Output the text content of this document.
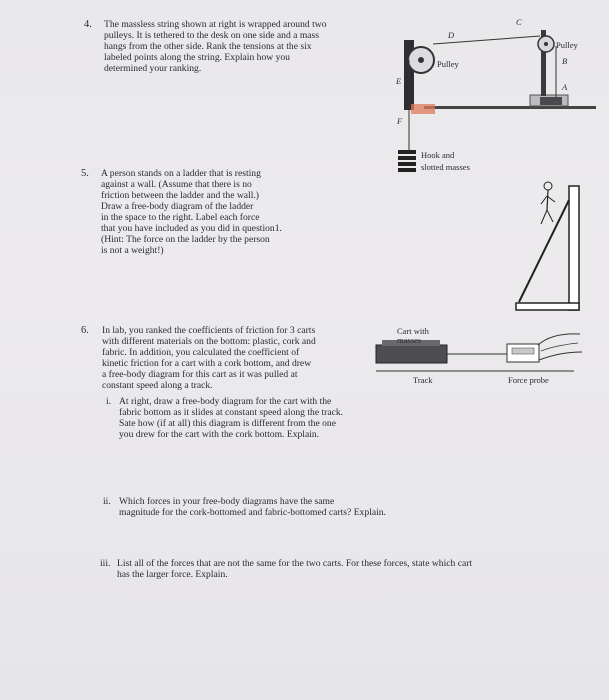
4. The massless string shown at right is wrapped around two
pulleys. It is tethered to the desk on one side and a mass
hangs from the other side. Rank the tensions at the six
labeled points along the string. Explain how you
determined your ranking.
D
C
E
F
B
A
Pulley
Pulley
Hook and
slotted masses
5. A person stands on a ladder that is resting
against a wall. (Assume that there is no
friction between the ladder and the wall.)
Draw a free-body diagram of the ladder
in the space to the right. Label each force
that you have included as you did in question1.
(Hint: The force on the ladder by the person
is not a weight!)
6. In lab, you ranked the coefficients of friction for 3 carts
with different materials on the bottom: plastic, cork and
fabric. In addition, you calculated the coefficient of
kinetic friction for a cart with a cork bottom, and drew
a free-body diagram for this cart as it was pulled at
constant speed along a track.
i. At right, draw a free-body diagram for the cart with the
fabric bottom as it slides at constant speed along the track.
Sate how (if at all) this diagram is different from the one
you drew for the cart with the cork bottom. Explain.
ii. Which forces in your free-body diagrams have the same
magnitude for the cork-bottomed and fabric-bottomed carts? Explain.
iii. List all of the forces that are not the same for the two carts. For these forces, state which cart
has the larger force. Explain.
Cart with
masses
Track	Force probe
